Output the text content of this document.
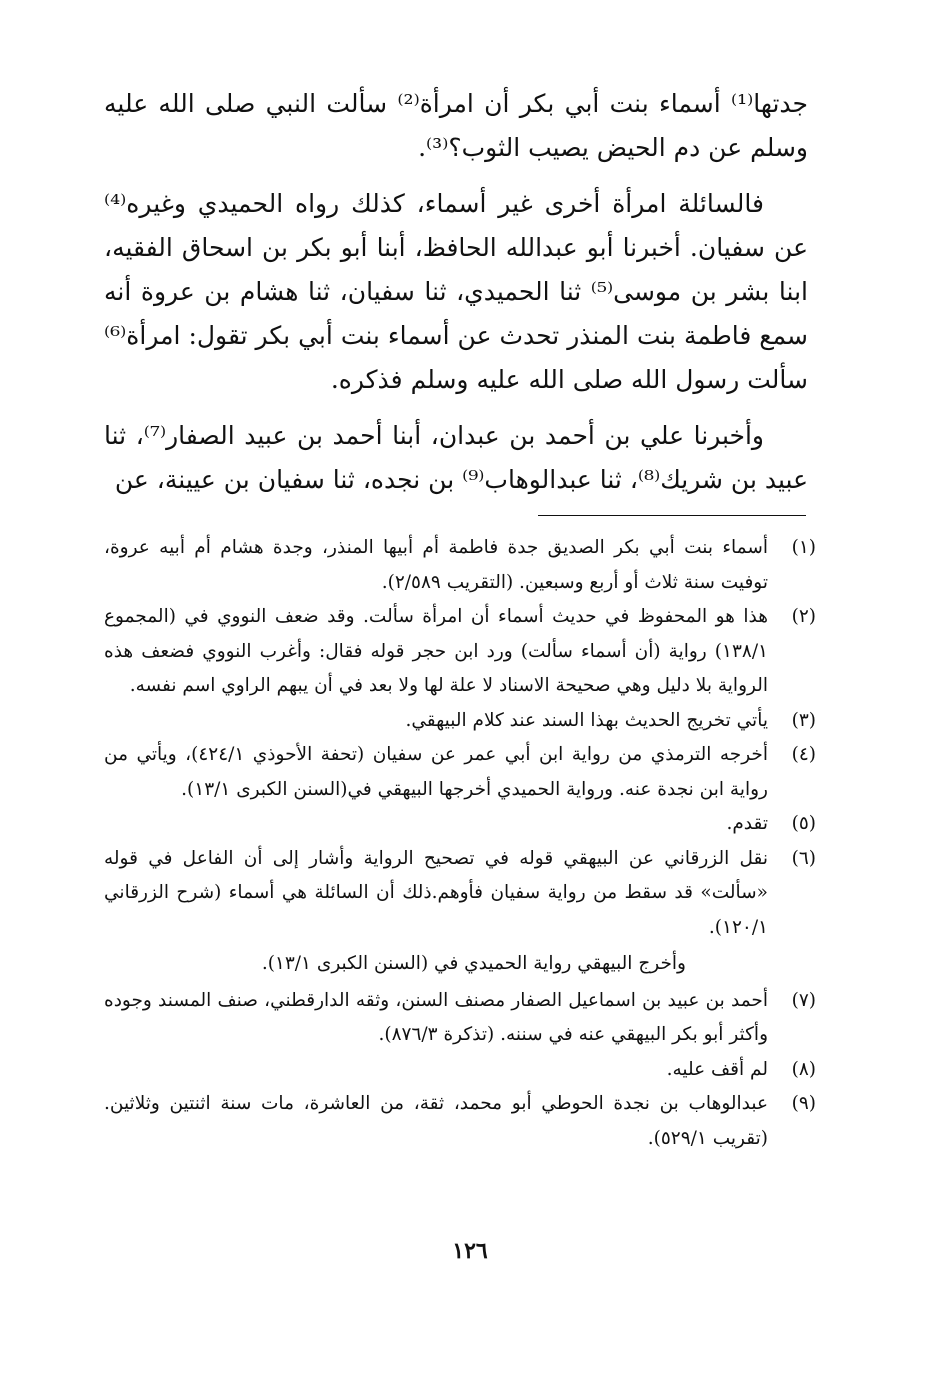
جدتها⁽¹⁾ أسماء بنت أبي بكر أن امرأة⁽²⁾ سألت النبي صلى الله عليه وسلم عن دم الحيض يصيب الثوب؟⁽³⁾.

فالسائلة امرأة أخرى غير أسماء، كذلك رواه الحميدي وغيره⁽⁴⁾ عن سفيان. أخبرنا أبو عبدالله الحافظ، أبنا أبو بكر بن اسحاق الفقيه، ابنا بشر بن موسى⁽⁵⁾ ثنا الحميدي، ثنا سفيان، ثنا هشام بن عروة أنه سمع فاطمة بنت المنذر تحدث عن أسماء بنت أبي بكر تقول: امرأة⁽⁶⁾ سألت رسول الله صلى الله عليه وسلم فذكره.

وأخبرنا علي بن أحمد بن عبدان، أبنا أحمد بن عبيد الصفار⁽⁷⁾، ثنا عبيد بن شريك⁽⁸⁾، ثنا عبدالوهاب⁽⁹⁾ بن نجده، ثنا سفيان بن عيينة، عن

(١)
أسماء بنت أبي بكر الصديق جدة فاطمة أم أبيها المنذر، وجدة هشام أم أبيه عروة، توفيت سنة ثلاث أو أربع وسبعين. (التقريب ٢/٥٨٩).
(٢)
هذا هو المحفوظ في حديث أسماء أن امرأة سألت. وقد ضعف النووي في (المجموع ١٣٨/١) رواية (أن أسماء سألت) ورد ابن حجر قوله فقال: وأغرب النووي فضعف هذه الرواية بلا دليل وهي صحيحة الاسناد لا علة لها ولا بعد في أن يبهم الراوي اسم نفسه.
(٣)
يأتي تخريج الحديث بهذا السند عند كلام البيهقي.
(٤)
أخرجه الترمذي من رواية ابن أبي عمر عن سفيان (تحفة الأحوذي ٤٢٤/١)، ويأتي من رواية ابن نجدة عنه. ورواية الحميدي أخرجها البيهقي في(السنن الكبرى ١٣/١).
(٥)
تقدم.
(٦)
نقل الزرقاني عن البيهقي قوله في تصحيح الرواية وأشار إلى أن الفاعل في قوله «سألت» قد سقط من رواية سفيان فأوهم.ذلك أن السائلة هي أسماء (شرح الزرقاني ١٢٠/١).
وأخرج البيهقي رواية الحميدي في (السنن الكبرى ١٣/١).
(٧)
أحمد بن عبيد بن اسماعيل الصفار مصنف السنن، وثقه الدارقطني، صنف المسند وجوده وأكثر أبو بكر البيهقي عنه في سننه. (تذكرة ٨٧٦/٣).
(٨)
لم أقف عليه.
(٩)
عبدالوهاب بن نجدة الحوطي أبو محمد، ثقة، من العاشرة، مات سنة اثنتين وثلاثين. (تقريب ٥٢٩/١).
١٢٦
